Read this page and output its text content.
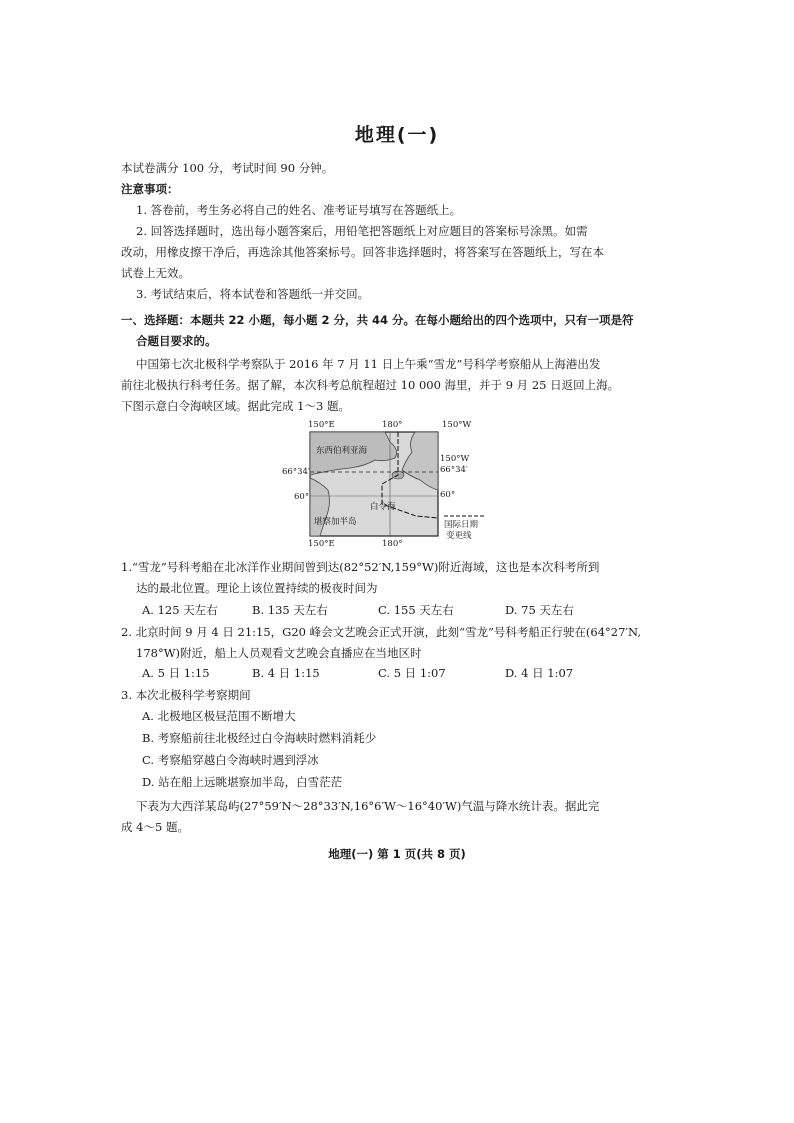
地理(一)
本试卷满分 100 分，考试时间 90 分钟。
注意事项：
1. 答卷前，考生务必将自己的姓名、准考证号填写在答题纸上。
2. 回答选择题时，选出每小题答案后，用铅笔把答题纸上对应题目的答案标号涂黑。如需
改动，用橡皮擦干净后，再选涂其他答案标号。回答非选择题时，将答案写在答题纸上，写在本
试卷上无效。
3. 考试结束后，将本试卷和答题纸一并交回。
一、选择题：本题共 22 小题，每小题 2 分，共 44 分。在每小题给出的四个选项中，只有一项是符
合题目要求的。
中国第七次北极科学考察队于 2016 年 7 月 11 日上午乘“雪龙”号科学考察船从上海港出发
前往北极执行科考任务。据了解，本次科考总航程超过 10 000 海里，并于 9 月 25 日返回上海。
下图示意白令海峡区域。据此完成 1～3 题。
150°E	180°	150°W
150°E	180°
66°34′
60°
150°W
66°34′
60°
东西伯利亚海
白令海
堪察加半岛	国际日期
变更线
1.“雪龙”号科考船在北冰洋作业期间曾到达(82°52′N,159°W)附近海域，这也是本次科考所到
达的最北位置。理论上该位置持续的极夜时间为
A. 125 天左右	B. 135 天左右	C. 155 天左右	D. 75 天左右
2. 北京时间 9 月 4 日 21:15，G20 峰会文艺晚会正式开演，此刻“雪龙”号科考船正行驶在(64°27′N,
178°W)附近，船上人员观看文艺晚会直播应在当地区时
A. 5 日 1:15	B. 4 日 1:15	C. 5 日 1:07	D. 4 日 1:07
3. 本次北极科学考察期间
A. 北极地区极昼范围不断增大
B. 考察船前往北极经过白令海峡时燃料消耗少
C. 考察船穿越白令海峡时遇到浮冰
D. 站在船上远眺堪察加半岛，白雪茫茫
下表为大西洋某岛屿(27°59′N～28°33′N,16°6′W～16°40′W)气温与降水统计表。据此完
成 4～5 题。
地理(一) 第 1 页(共 8 页)
